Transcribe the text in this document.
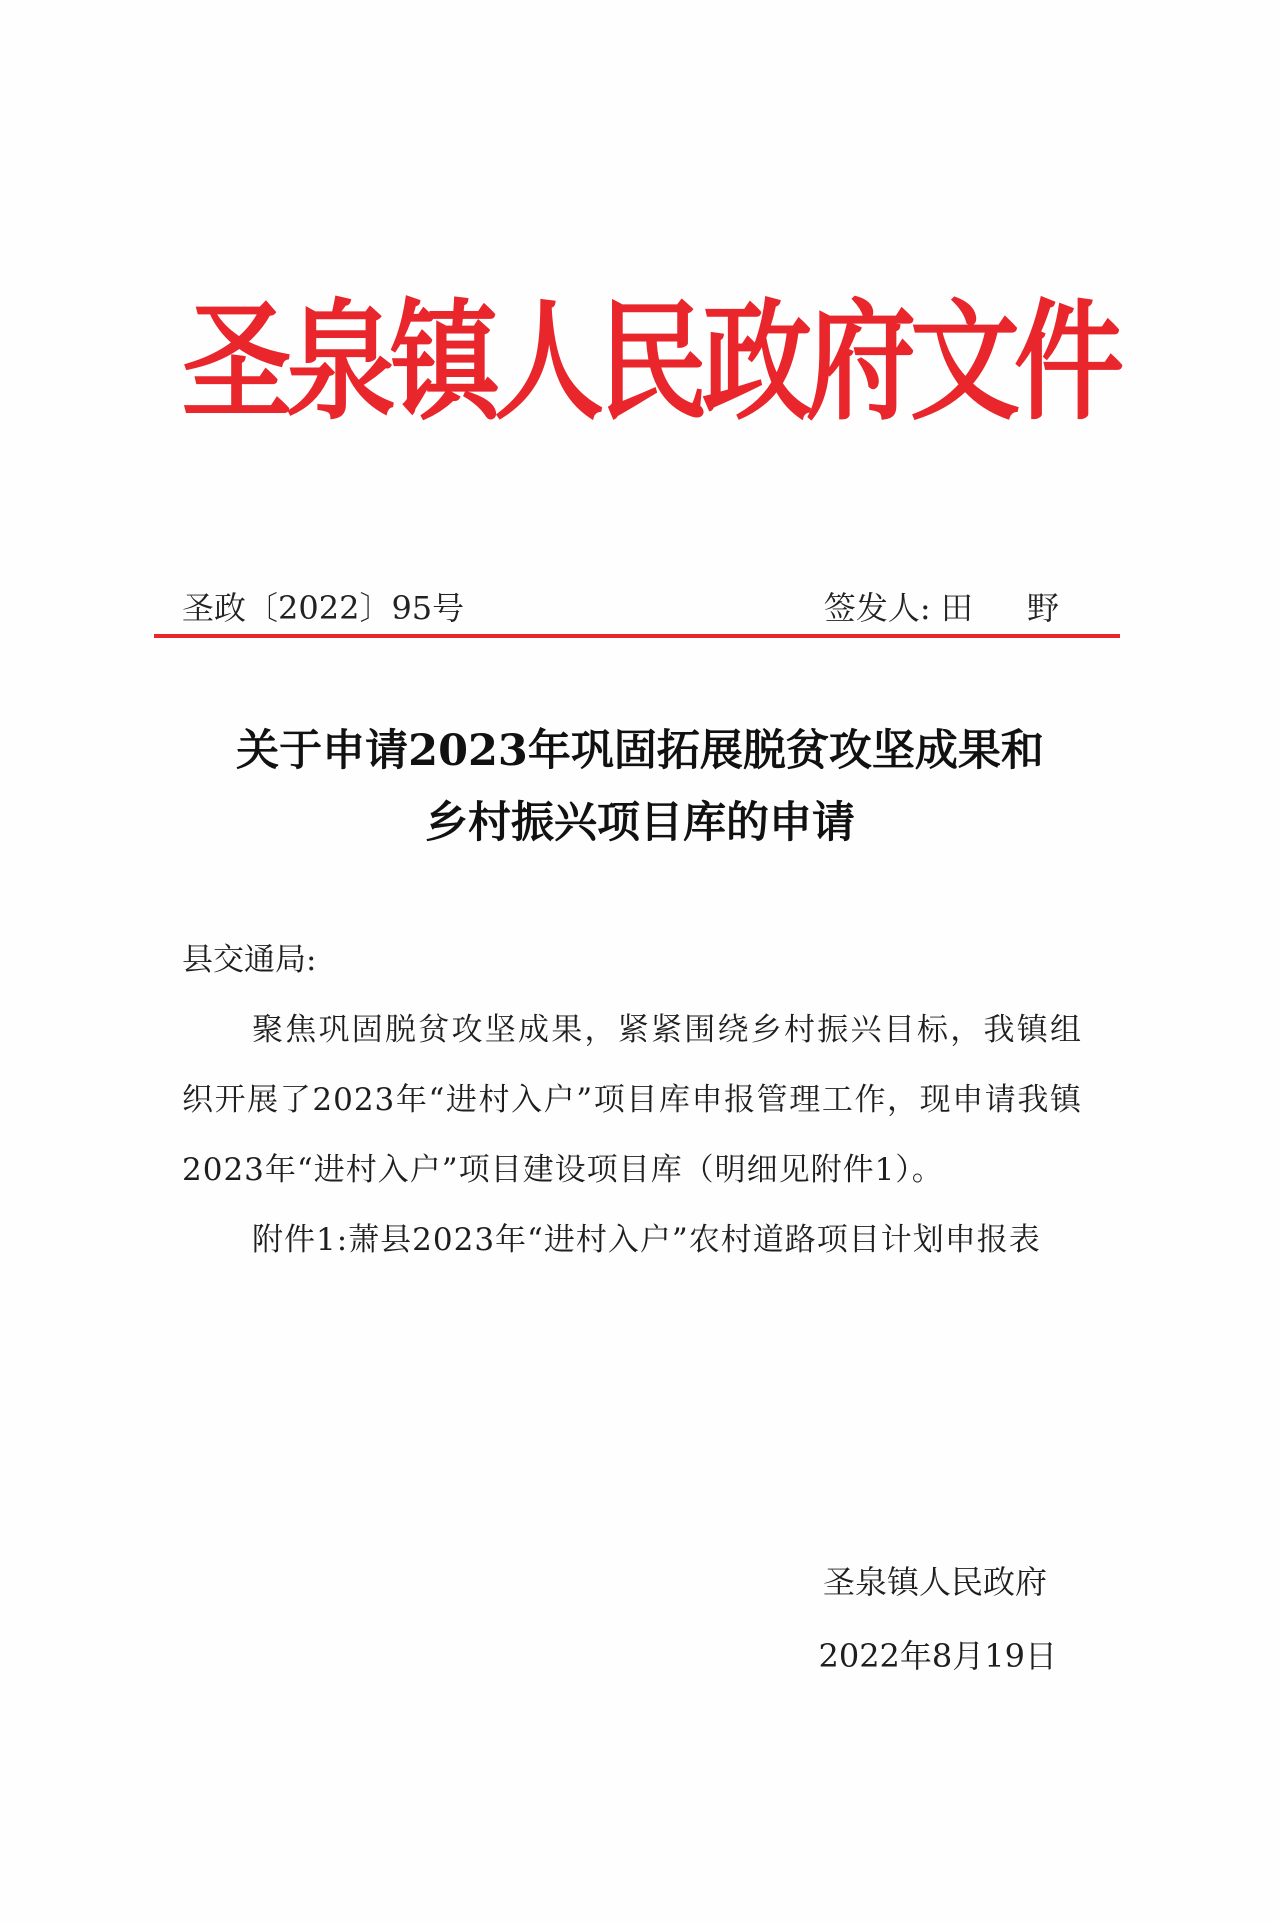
圣泉镇人民政府文件
圣政〔2022〕95号	签发人: 田 野
关于申请2023年巩固拓展脱贫攻坚成果和
乡村振兴项目库的申请
县交通局:
聚焦巩固脱贫攻坚成果，紧紧围绕乡村振兴目标，我镇组织开展了2023年“进村入户”项目库申报管理工作，现申请我镇2023年“进村入户”项目建设项目库（明细见附件1）。
附件1:萧县2023年“进村入户”农村道路项目计划申报表
圣泉镇人民政府
2022年8月19日
